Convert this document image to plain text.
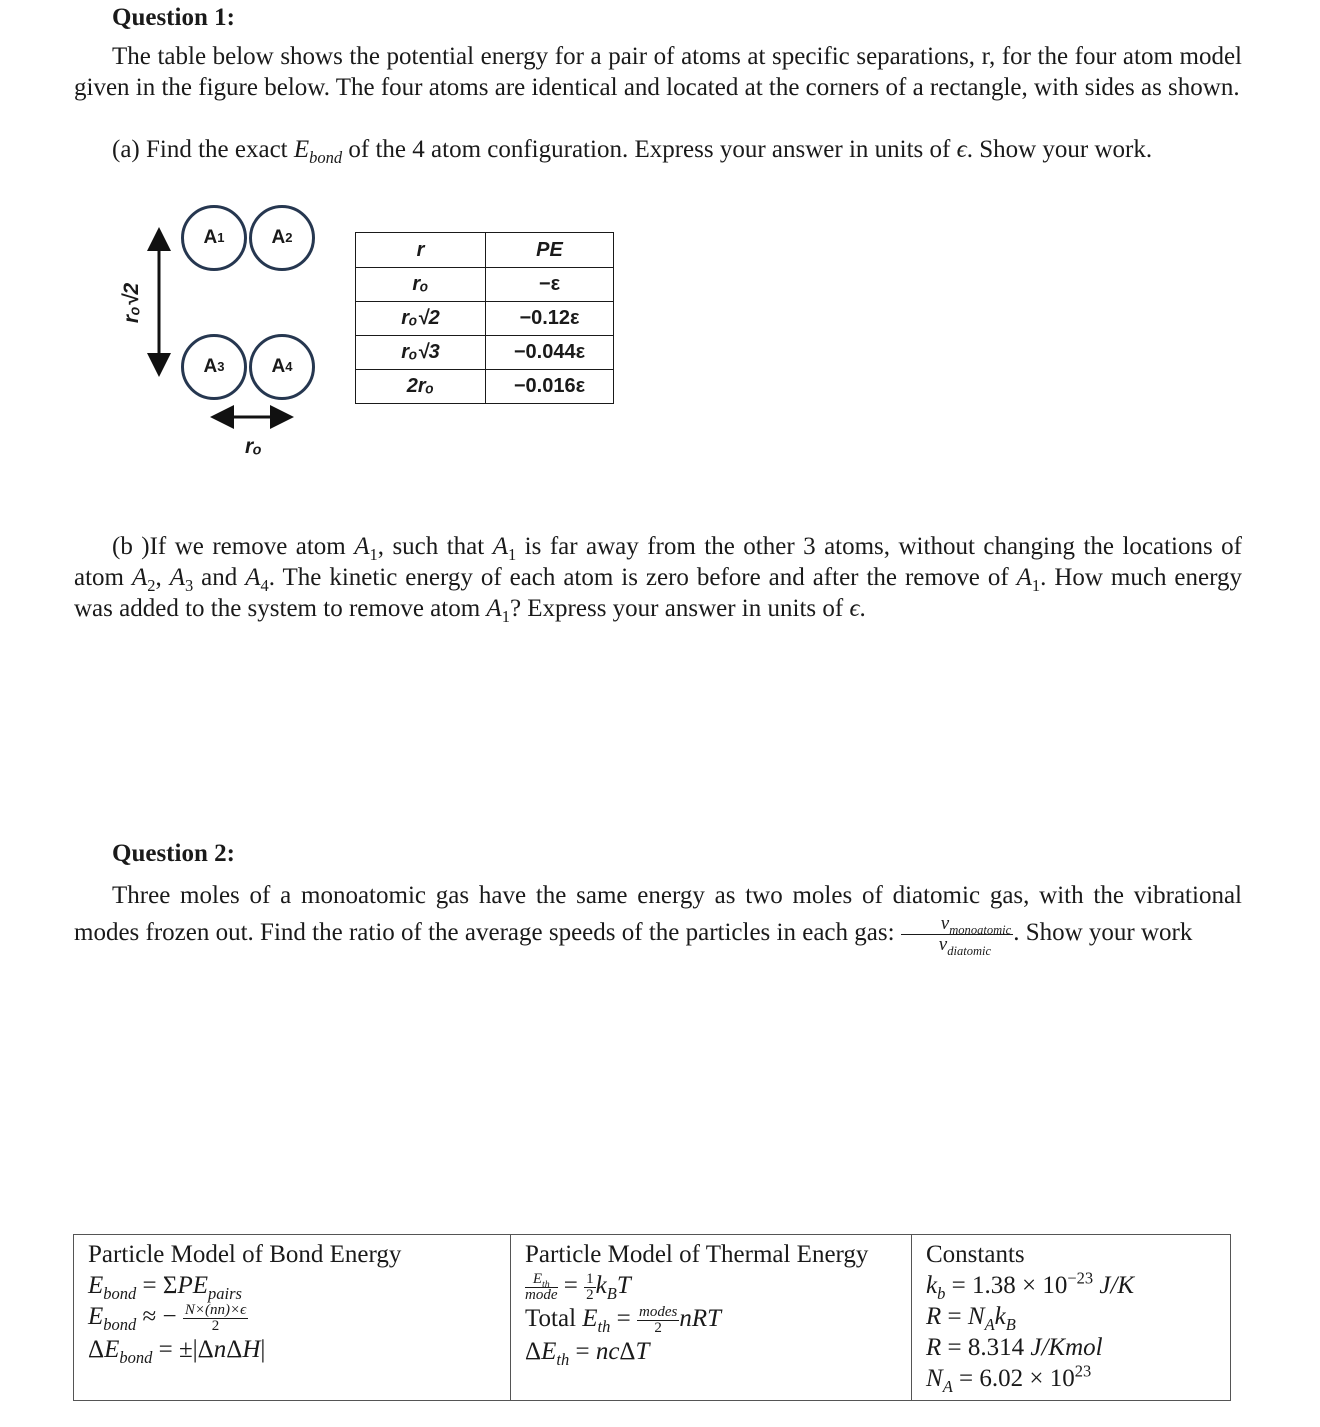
Question 1:
The table below shows the potential energy for a pair of atoms at specific separations, r, for the four atom model given in the figure below. The four atoms are identical and located at the corners of a rectangle, with sides as shown.
(a) Find the exact $E_{bond}$ of the 4 atom configuration. Express your answer in units of ϵ. Show your work.
A 1 A 2
A 3 A 4
rₒ√2
rₒ
r	PE
rₒ	−ε
rₒ√2	−0.12ε
rₒ√3	−0.044ε
2rₒ	−0.016ε
(b )If we remove atom $A_1$, such that $A_1$ is far away from the other 3 atoms, without changing the locations of atom $A_2$, $A_3$ and $A_4$. The kinetic energy of each atom is zero before and after the remove of $A_1$. How much energy was added to the system to remove atom $A_1$? Express your answer in units of ϵ.
Question 2:
Three moles of a monoatomic gas have the same energy as two moles of diatomic gas, with the vibrational modes frozen out. Find the ratio of the average speeds of the particles in each gas: $\frac{v_{monoatomic}}{v_{diatomic}}$ . Show your work
Particle Model of Bond Energy
$E_{bond} = \Sigma PE_{pairs}$
$E_{bond}$ ≈ − $\frac{N\times(nn)\times\epsilon}{2}$
$\Delta E_{bond} = \pm|\Delta n\Delta H|$

Particle Model of Thermal Energy
$\frac{E_{th}}{\text{mode}} = \frac{1}{2} k_BT$
Total $E_{th} = \frac{\text{modes}}{2}$ nRT
$\Delta E_{th} = nc\Delta T$

Constants
$k_b = 1.38 \times 10^{-23}$ J/K
$R = N_Ak_B$
R = 8.314 J/Kmol
$N_A = 6.02 \times 10^{23}$
